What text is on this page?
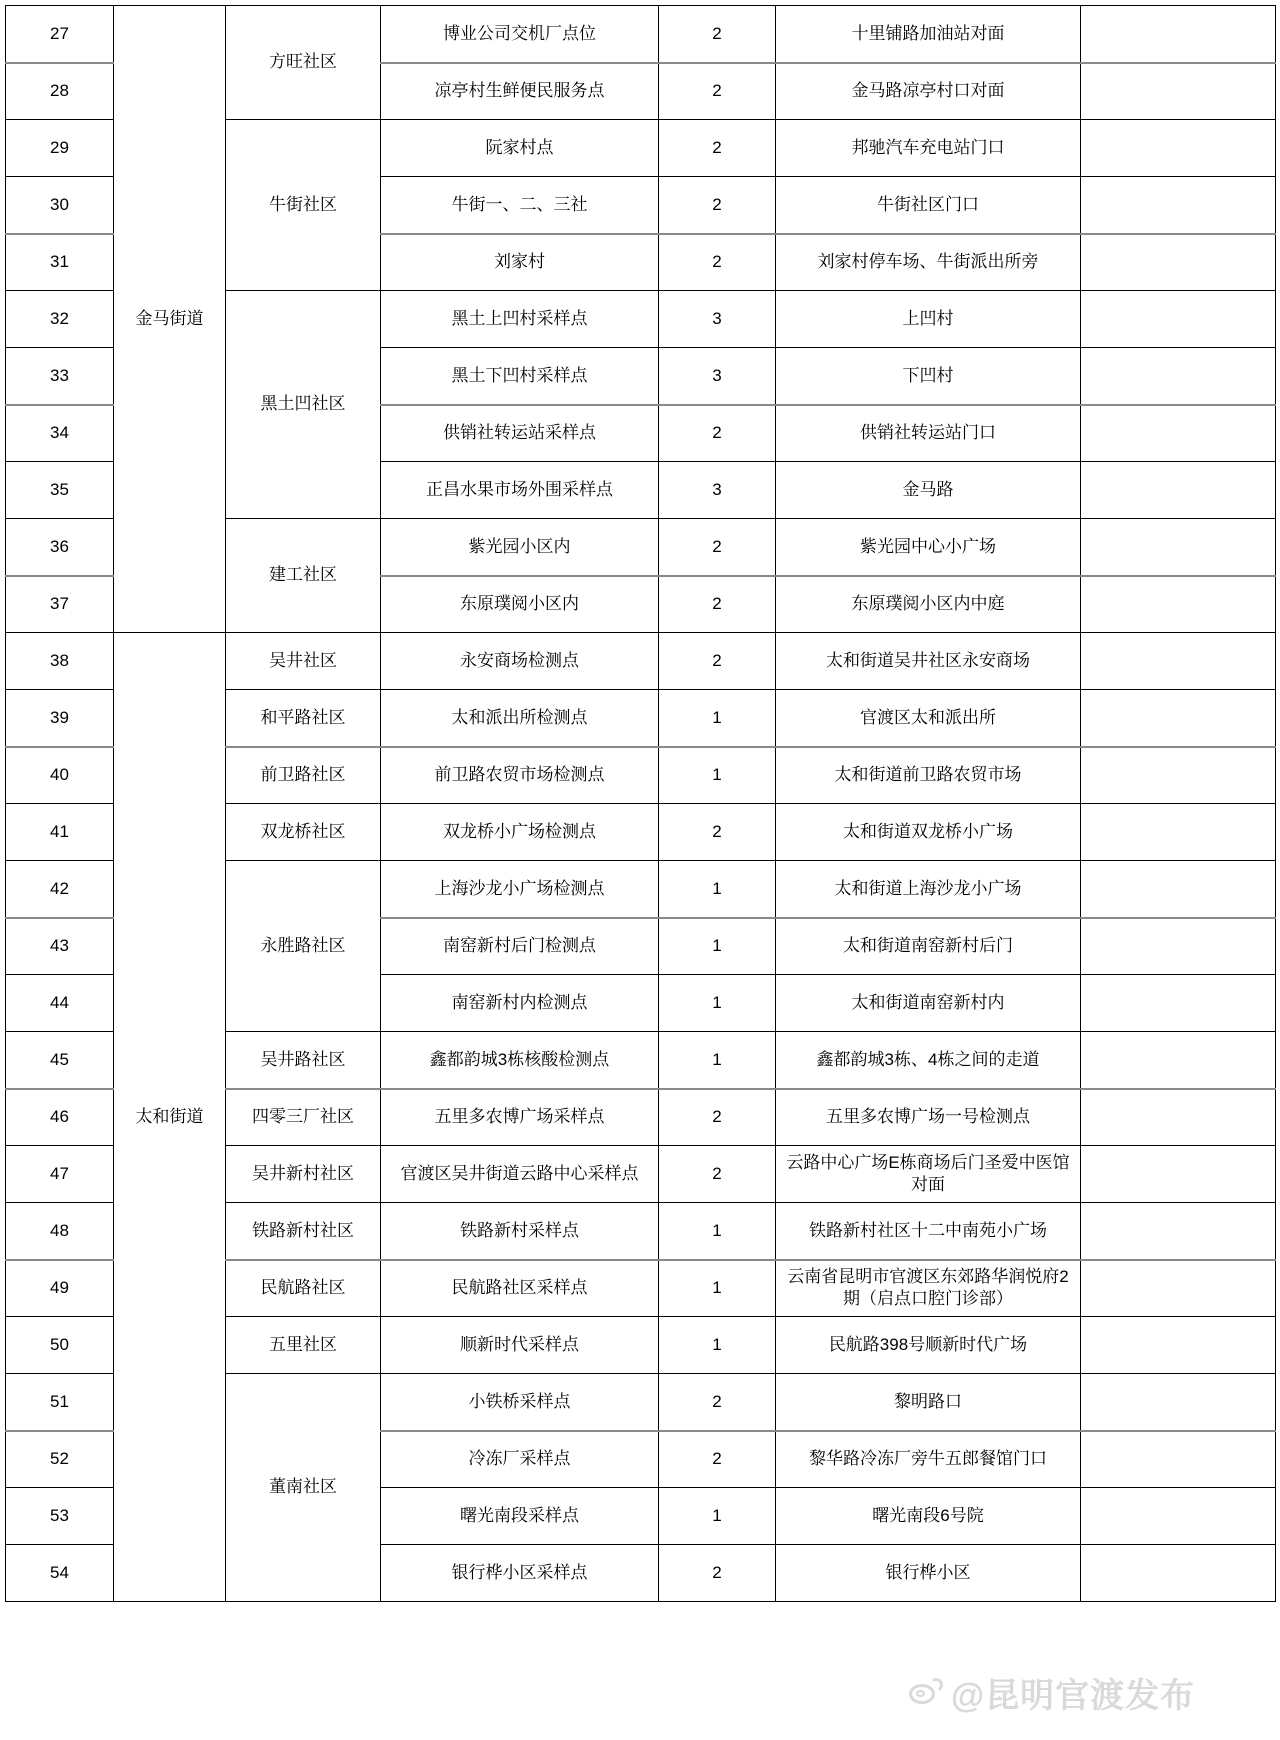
27	金马街道	方旺社区	博业公司交机厂点位	2	十里铺路加油站对面	
28			凉亭村生鲜便民服务点	2	金马路凉亭村口对面	
29		牛街社区	阮家村点	2	邦驰汽车充电站门口	
30			牛街一、二、三社	2	牛街社区门口	
31			刘家村	2	刘家村停车场、牛街派出所旁	
32		黑土凹社区	黑土上凹村采样点	3	上凹村	
33			黑土下凹村采样点	3	下凹村	
34			供销社转运站采样点	2	供销社转运站门口	
35			正昌水果市场外围采样点	3	金马路	
36		建工社区	紫光园小区内	2	紫光园中心小广场	
37			东原璞阅小区内	2	东原璞阅小区内中庭	
38	太和街道	吴井社区	永安商场检测点	2	太和街道吴井社区永安商场	
39		和平路社区	太和派出所检测点	1	官渡区太和派出所	
40		前卫路社区	前卫路农贸市场检测点	1	太和街道前卫路农贸市场	
41		双龙桥社区	双龙桥小广场检测点	2	太和街道双龙桥小广场	
42		永胜路社区	上海沙龙小广场检测点	1	太和街道上海沙龙小广场	
43			南窑新村后门检测点	1	太和街道南窑新村后门	
44			南窑新村内检测点	1	太和街道南窑新村内	
45		吴井路社区	鑫都韵城3栋核酸检测点	1	鑫都韵城3栋、4栋之间的走道	
46		四零三厂社区	五里多农博广场采样点	2	五里多农博广场一号检测点	
47		吴井新村社区	官渡区吴井街道云路中心采样点	2	云路中心广场E栋商场后门圣爱中医馆对面	
48		铁路新村社区	铁路新村采样点	1	铁路新村社区十二中南苑小广场	
49		民航路社区	民航路社区采样点	1	云南省昆明市官渡区东郊路华润悦府2期（启点口腔门诊部）	
50		五里社区	顺新时代采样点	1	民航路398号顺新时代广场	
51		董南社区	小铁桥采样点	2	黎明路口	
52			冷冻厂采样点	2	黎华路冷冻厂旁牛五郎餐馆门口	
53			曙光南段采样点	1	曙光南段6号院	
54			银行桦小区采样点	2	银行桦小区	
@昆明官渡发布
